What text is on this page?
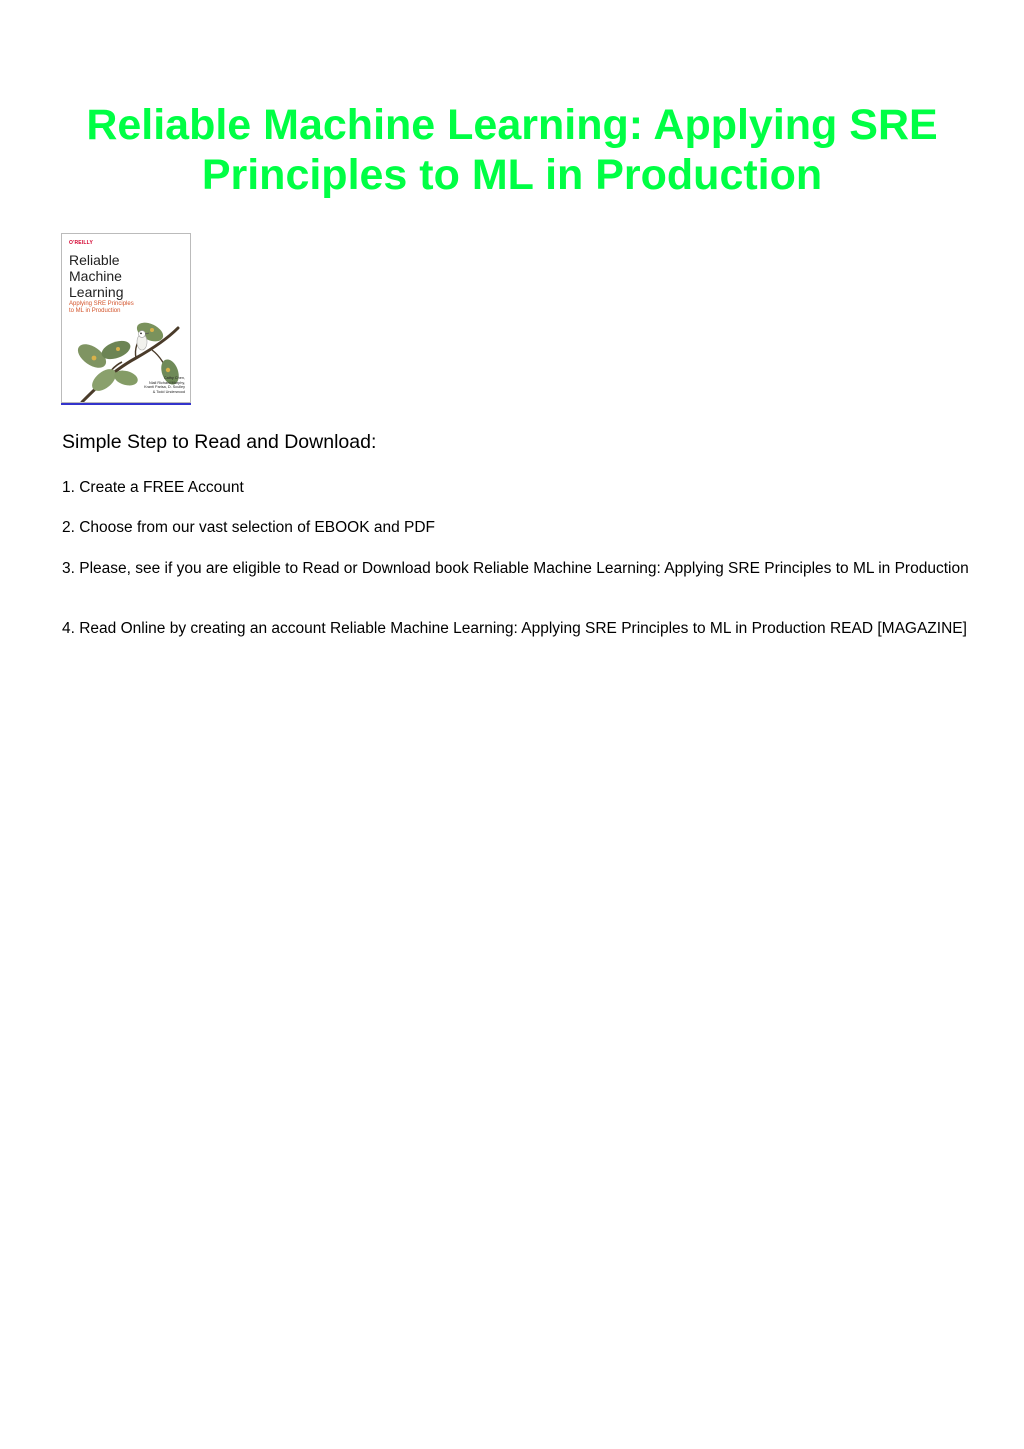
Reliable Machine Learning: Applying SRE Principles to ML in Production
O'REILLY
Reliable Machine Learning
Applying SRE Principles to ML in Production
Cathy Chen,
Niall Richard Murphy,
Kranti Parisa, D. Sculley
& Todd Underwood
Simple Step to Read and Download:

1. Create a FREE Account

2. Choose from our vast selection of EBOOK and PDF

3. Please, see if you are eligible to Read or Download book Reliable Machine Learning: Applying SRE Principles to ML in Production

4. Read Online by creating an account Reliable Machine Learning: Applying SRE Principles to ML in Production READ [MAGAZINE]
